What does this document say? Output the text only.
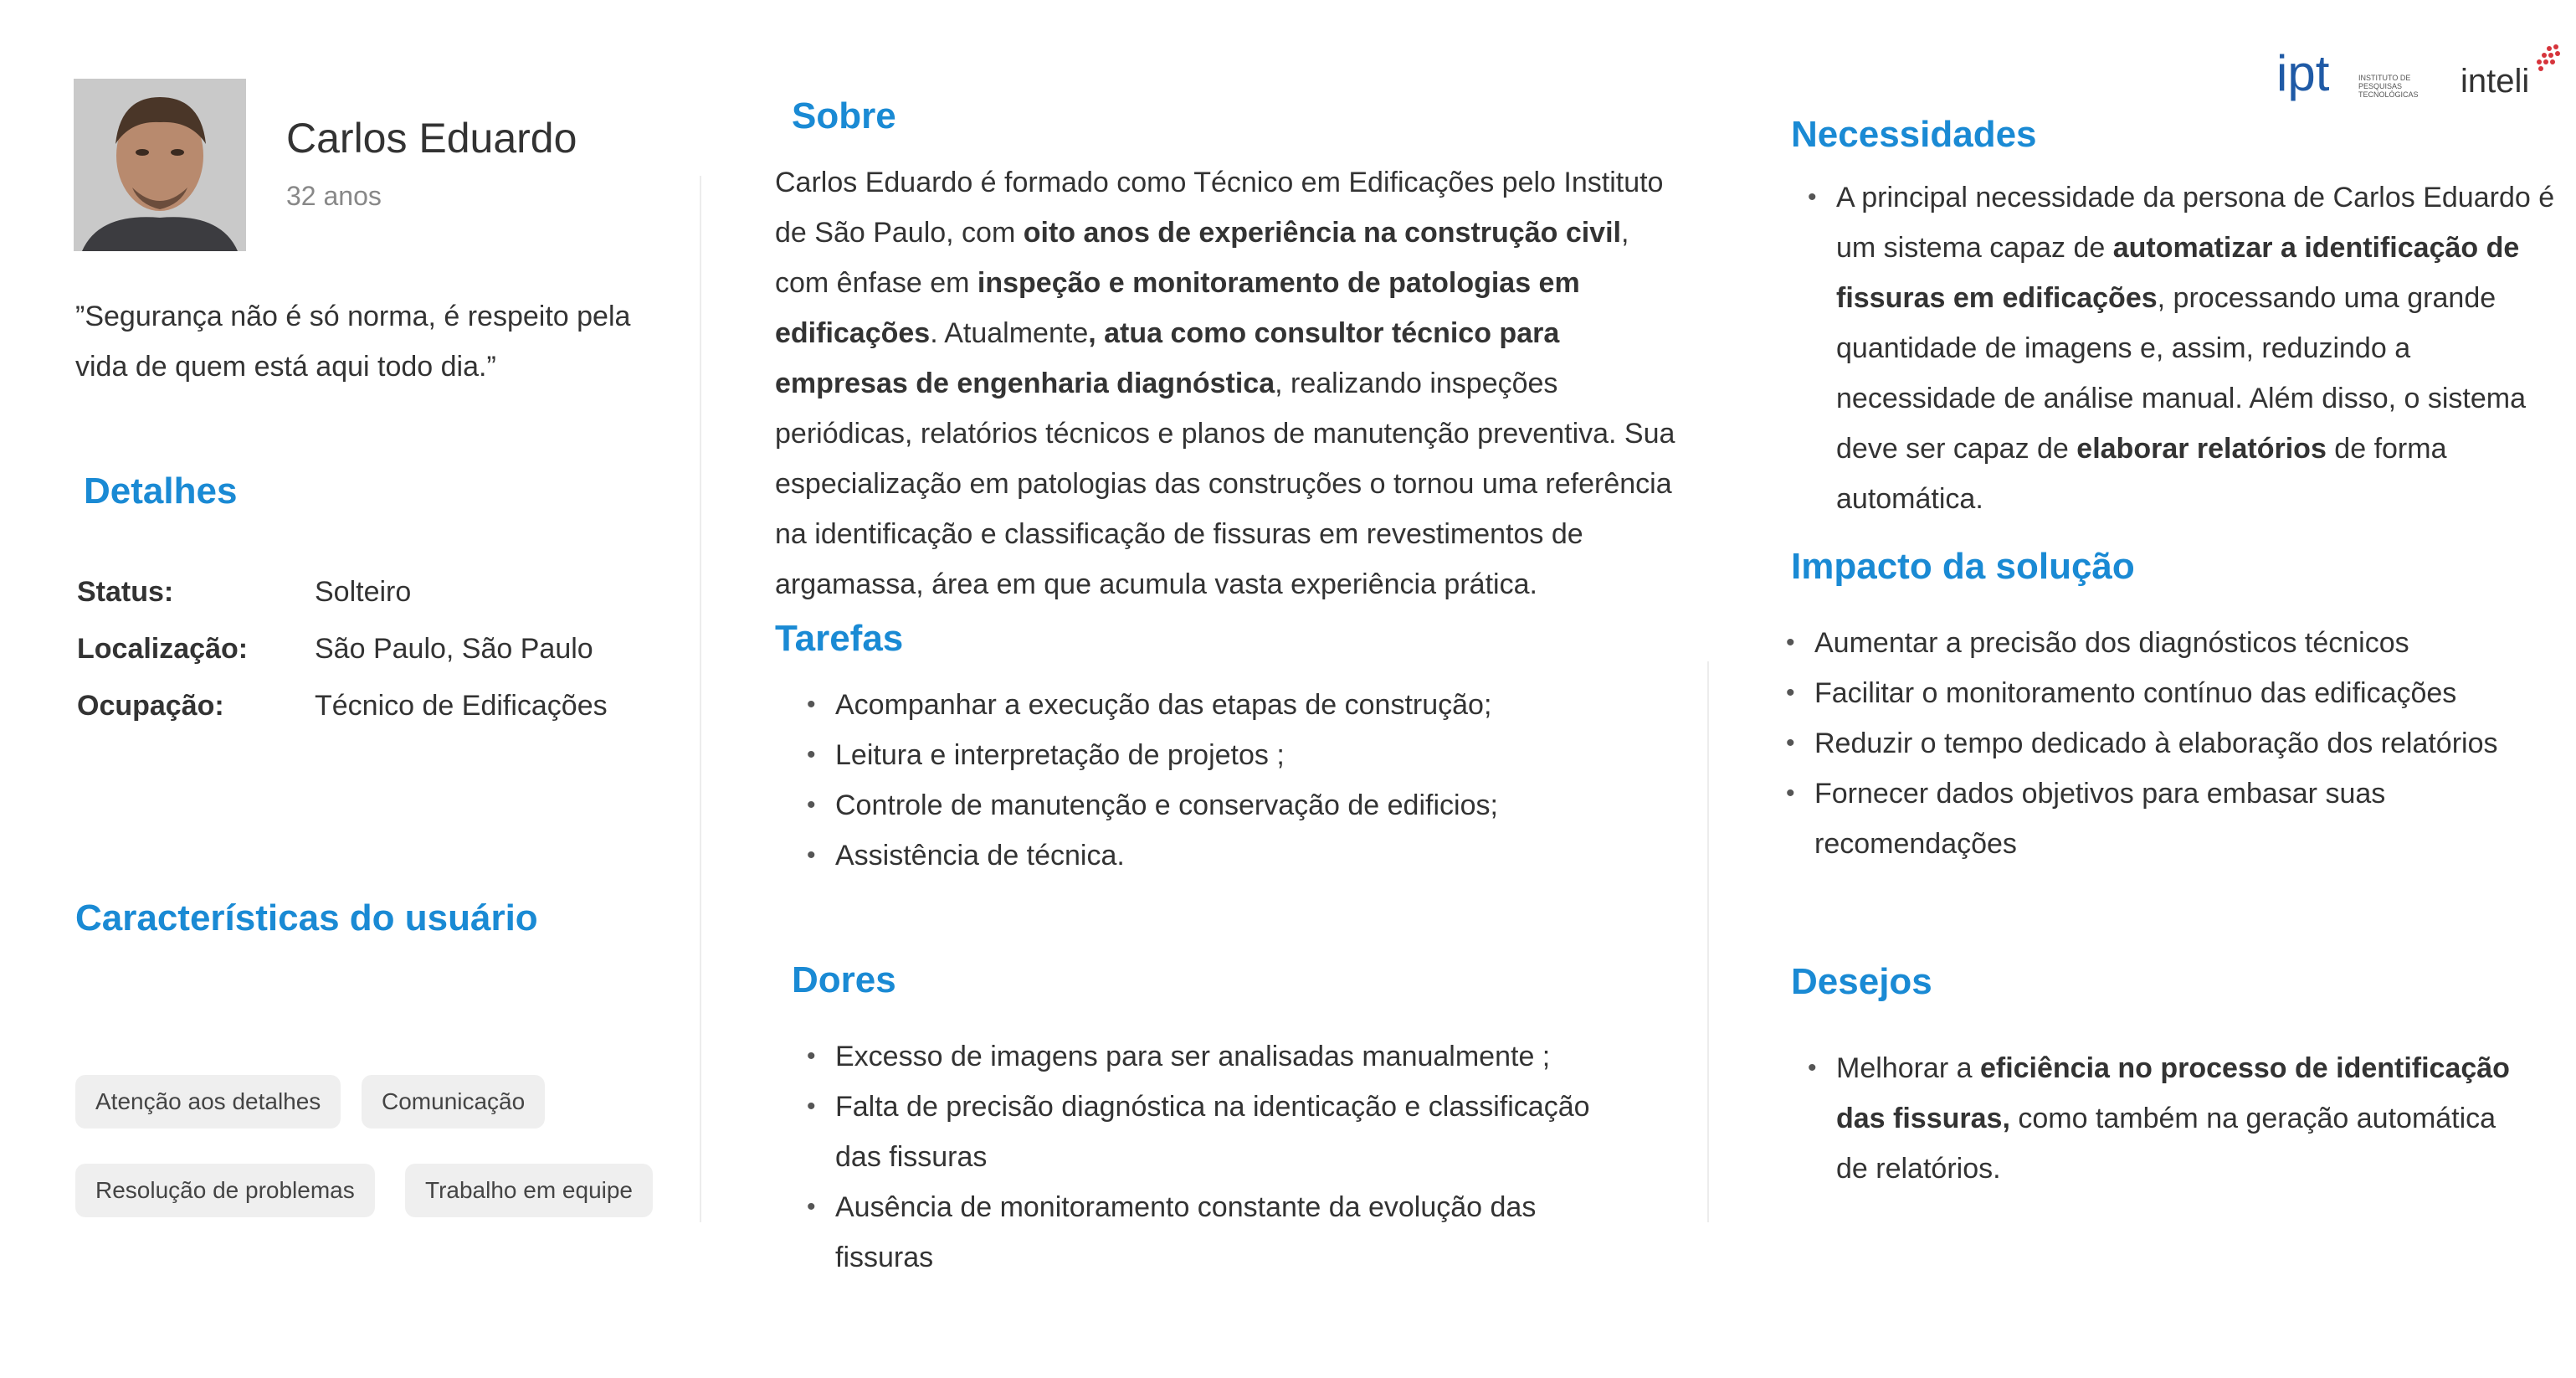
ipt	INSTITUTO DE
PESQUISAS
TECNOLÓGICAS inteli
Carlos Eduardo
32 anos
”Segurança não é só norma, é respeito pela vida de quem está aqui todo dia.”
Detalhes
Status:	Solteiro
Localização: São Paulo, São Paulo
Ocupação:	Técnico de Edificações
Características do usuário
Atenção aos detalhes	Comunicação
Resolução de problemas	Trabalho em equipe
Sobre
Carlos Eduardo é formado como Técnico em Edificações pelo Instituto de São Paulo, com oito anos de experiência na construção civil, com ênfase em inspeção e monitoramento de patologias em edificações. Atualmente, atua como consultor técnico para empresas de engenharia diagnóstica, realizando inspeções periódicas, relatórios técnicos e planos de manutenção preventiva. Sua especialização em patologias das construções o tornou uma referência na identificação e classificação de fissuras em revestimentos de argamassa, área em que acumula vasta experiência prática.
Tarefas
• Acompanhar a execução das etapas de construção;
• Leitura e interpretação de projetos ;
• Controle de manutenção e conservação de edificios;
• Assistência de técnica.
Dores
• Excesso de imagens para ser analisadas manualmente ;
• Falta de precisão diagnóstica na identicação e classificação das fissuras
• Ausência de monitoramento constante da evolução das fissuras
Necessidades
• A principal necessidade da persona de Carlos Eduardo é um sistema capaz de automatizar a identificação de fissuras em edificações, processando uma grande quantidade de imagens e, assim, reduzindo a necessidade de análise manual. Além disso, o sistema deve ser capaz de elaborar relatórios de forma automática.
Impacto da solução
• Aumentar a precisão dos diagnósticos técnicos
• Facilitar o monitoramento contínuo das edificações
• Reduzir o tempo dedicado à elaboração dos relatórios
• Fornecer dados objetivos para embasar suas recomendações
Desejos
• Melhorar a eficiência no processo de identificação das fissuras, como também na geração automática de relatórios.
